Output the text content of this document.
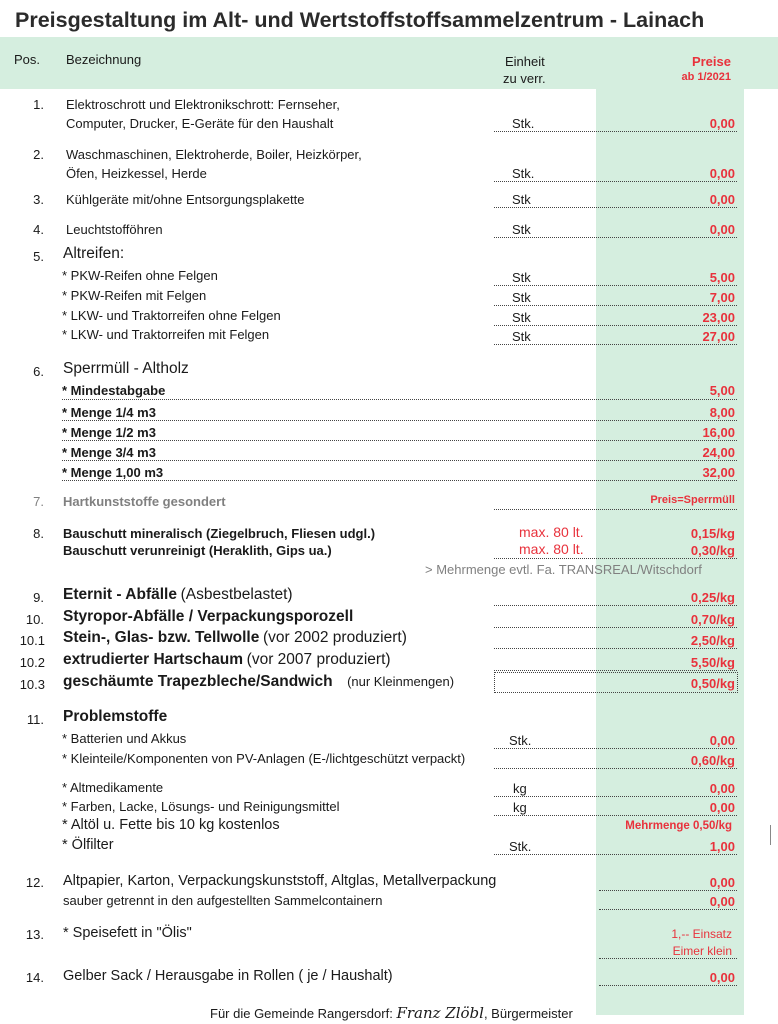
Preisgestaltung im Alt- und Wertstoffstoffsammelzentrum - Lainach
Pos. Bezeichnung	Einheit
zu verr.
Preise
ab 1/2021
1. Elektroschrott und Elektronikschrott: Fernseher,
Computer, Drucker, E-Geräte für den Haushalt	Stk.	0,00
2. Waschmaschinen, Elektroherde, Boiler, Heizkörper,
Öfen, Heizkessel, Herde	Stk.	0,00
3. Kühlgeräte mit/ohne Entsorgungsplakette	Stk	0,00
4. Leuchtstofföhren	Stk	0,00
5. Altreifen:
* PKW-Reifen ohne Felgen	Stk	5,00
* PKW-Reifen mit Felgen	Stk	7,00
* LKW- und Traktorreifen ohne Felgen	Stk	23,00
* LKW- und Traktorreifen mit Felgen	Stk	27,00
6. Sperrmüll - Altholz
* Mindestabgabe	5,00
* Menge 1/4 m3	8,00
* Menge 1/2 m3	16,00
* Menge 3/4 m3	24,00
* Menge 1,00 m3	32,00
7. Hartkunststoffe gesondert	Preis=Sperrmüll
8. Bauschutt mineralisch (Ziegelbruch, Fliesen udgl.)	max. 80 lt.	0,15/kg
Bauschutt verunreinigt (Heraklith, Gips ua.)	max. 80 lt.	0,30/kg
> Mehrmenge evtl. Fa. TRANSREAL/Witschdorf
9. Eternit - Abfälle (Asbestbelastet)	0,25/kg
10. Styropor-Abfälle / Verpackungsporozell	0,70/kg
10.1 Stein-, Glas- bzw. Tellwolle (vor 2002 produziert)	2,50/kg
10.2 extrudierter Hartschaum (vor 2007 produziert)	5,50/kg
10.3 geschäumte Trapezbleche/Sandwich (nur Kleinmengen)	0,50/kg
11. Problemstoffe
* Batterien und Akkus	Stk.	0,00
* Kleinteile/Komponenten von PV-Anlagen (E-/lichtgeschützt verpackt)	0,60/kg
* Altmedikamente	kg	0,00
* Farben, Lacke, Lösungs- und Reinigungsmittel	kg	0,00
* Altöl u. Fette bis 10 kg kostenlos	Mehrmenge 0,50/kg
* Ölfilter	Stk.	1,00
12. Altpapier, Karton, Verpackungskunststoff, Altglas, Metallverpackung	0,00
sauber getrennt in den aufgestellten Sammelcontainern	0,00
13. * Speisefett in "Ölis"	1,-- Einsatz
Eimer klein
14. Gelber Sack / Herausgabe in Rollen ( je / Haushalt)	0,00
Für die Gemeinde Rangersdorf: Franz Zlöbl, Bürgermeister
